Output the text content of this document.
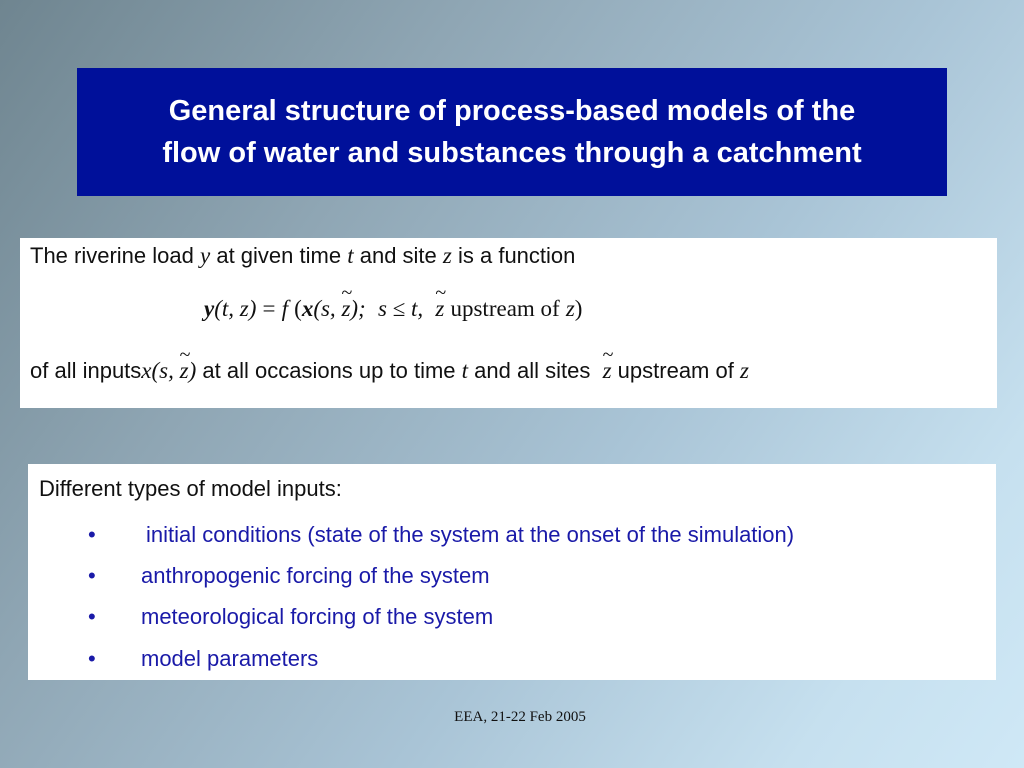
General structure of process-based models of the
flow of water and substances through a catchment
The riverine load y at given time t and site z is a function
y(t, z) = f (x(s, ~ z); s ≤ t, ~ z upstream of z)
of all inputsx(s, ~ z) at all occasions up to time t and all sites ~ z upstream of z
Different types of model inputs:
• initial conditions (state of the system at the onset of the simulation)
• anthropogenic forcing of the system
• meteorological forcing of the system
• model parameters
EEA, 21-22 Feb 2005
